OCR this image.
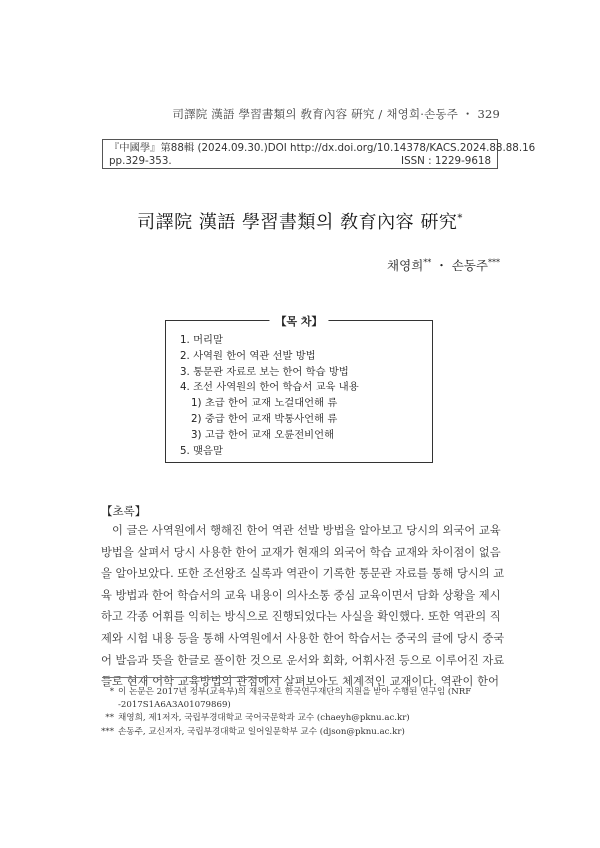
司譯院 漢語 學習書類의 敎育內容 硏究 / 채영희·손동주 ・ 329
『中國學』第88輯 (2024.09.30.) DOI http://dx.doi.org/10.14378/KACS.2024.88.88.16
pp.329-353.	ISSN : 1229-9618
司譯院 漢語 學習書類의 敎育內容 硏究*
채영희** ・ 손동주***
【목 차】
1. 머리말
2. 사역원 한어 역관 선발 방법
3. 통문관 자료로 보는 한어 학습 방법
4. 조선 사역원의 한어 학습서 교육 내용
1) 초급 한어 교재 노걸대언해 류
2) 중급 한어 교재 박통사언해 류
3) 고급 한어 교재 오륜전비언해
5. 맺음말
【초록】
이 글은 사역원에서 행해진 한어 역관 선발 방법을 알아보고 당시의 외국어 교육
방법을 살펴서 당시 사용한 한어 교재가 현재의 외국어 학습 교재와 차이점이 없음
을 알아보았다. 또한 조선왕조 실록과 역관이 기록한 통문관 자료를 통해 당시의 교
육 방법과 한어 학습서의 교육 내용이 의사소통 중심 교육이면서 담화 상황을 제시
하고 각종 어휘를 익히는 방식으로 진행되었다는 사실을 확인했다. 또한 역관의 직
제와 시험 내용 등을 통해 사역원에서 사용한 한어 학습서는 중국의 글에 당시 중국
어 발음과 뜻을 한글로 풀이한 것으로 운서와 회화, 어휘사전 등으로 이루어진 자료
들로 현재 어학 교육방법의 관점에서 살펴보아도 체계적인 교재이다. 역관이 한어
* 이 논문은 2017년 정부(교육부)의 재원으로 한국연구재단의 지원을 받아 수행된 연구임 (NRF
-2017S1A6A3A01079869)
** 채영희, 제1저자, 국립부경대학교 국어국문학과 교수 (chaeyh@pknu.ac.kr)
*** 손동주, 교신저자, 국립부경대학교 일어일문학부 교수 (djson@pknu.ac.kr)
